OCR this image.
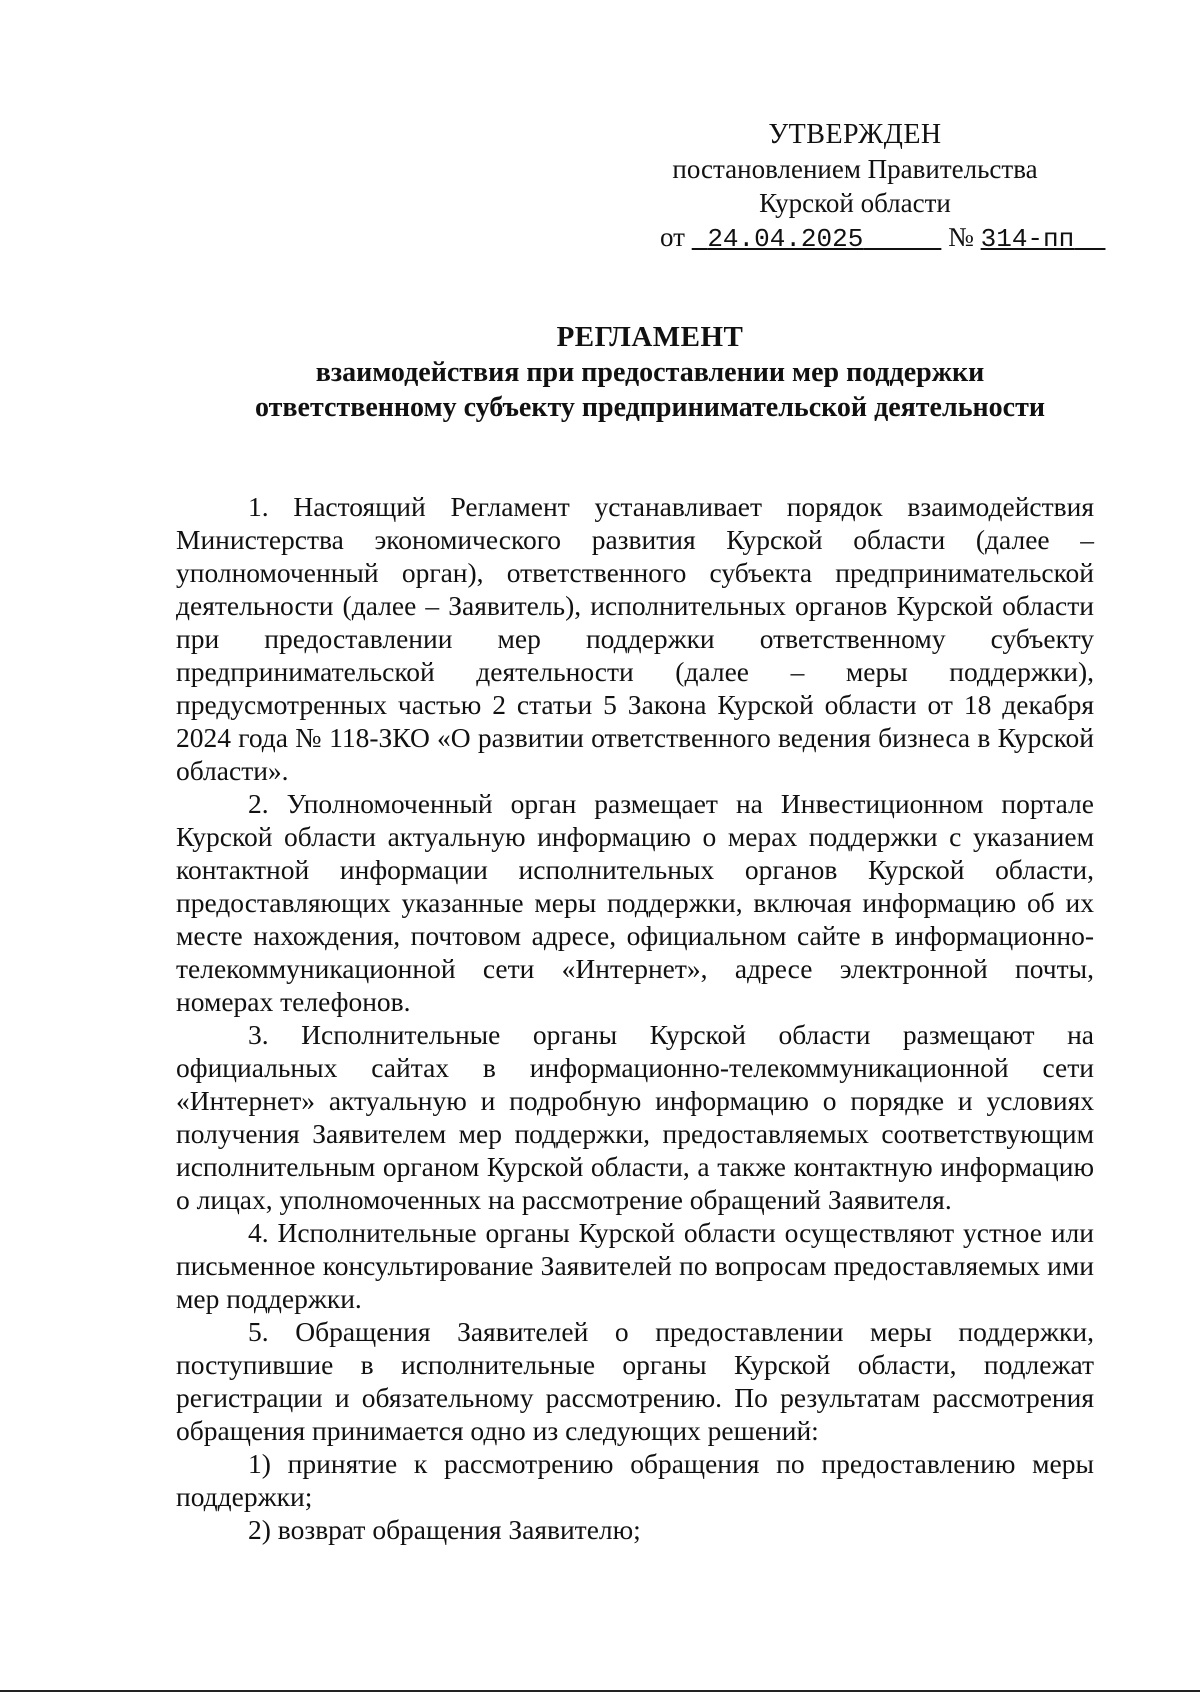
УТВЕРЖДЕН
постановлением Правительства
Курской области
от 24.04.2025	№ 314-пп
РЕГЛАМЕНТ
взаимодействия при предоставлении мер поддержки
ответственному субъекту предпринимательской деятельности

1. Настоящий Регламент устанавливает порядок взаимодействия Министерства экономического развития Курской области (далее – уполномоченный орган), ответственного субъекта предпринимательской деятельности (далее – Заявитель), исполнительных органов Курской области при предоставлении мер поддержки ответственному субъекту предпринимательской деятельности (далее – меры поддержки), предусмотренных частью 2 статьи 5 Закона Курской области от 18 декабря 2024 года № 118-ЗКО «О развитии ответственного ведения бизнеса в Курской области».

2. Уполномоченный орган размещает на Инвестиционном портале Курской области актуальную информацию о мерах поддержки с указанием контактной информации исполнительных органов Курской области, предоставляющих указанные меры поддержки, включая информацию об их месте нахождения, почтовом адресе, официальном сайте в информационно-телекоммуникационной сети «Интернет», адресе электронной почты, номерах телефонов.

3. Исполнительные органы Курской области размещают на официальных сайтах в информационно-телекоммуникационной сети «Интернет» актуальную и подробную информацию о порядке и условиях получения Заявителем мер поддержки, предоставляемых соответствующим исполнительным органом Курской области, а также контактную информацию о лицах, уполномоченных на рассмотрение обращений Заявителя.

4. Исполнительные органы Курской области осуществляют устное или письменное консультирование Заявителей по вопросам предоставляемых ими мер поддержки.

5. Обращения Заявителей о предоставлении меры поддержки, поступившие в исполнительные органы Курской области, подлежат регистрации и обязательному рассмотрению. По результатам рассмотрения обращения принимается одно из следующих решений:

1) принятие к рассмотрению обращения по предоставлению меры поддержки;

2) возврат обращения Заявителю;
